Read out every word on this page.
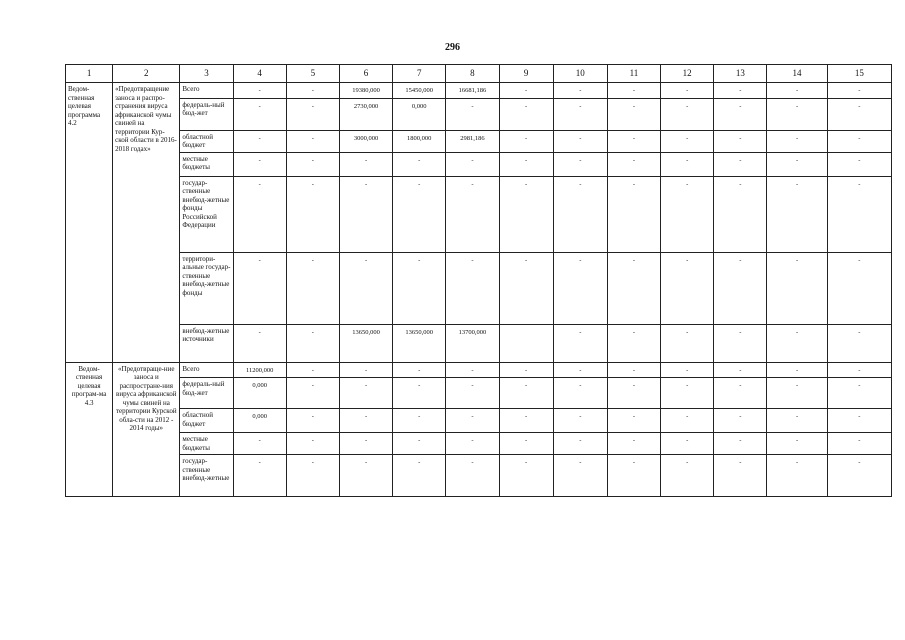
296
1	2	3	4	5	6	7	8	9	10	11	12	13	14	15
Ведом-ственная целевая программа 4.2	«Предотвращение заноса и распро-странения вируса африканской чумы свиней на территории Кур-ской области в 2016-2018 годах»	Всего	-	-	19380,000	15450,000	16681,186	-	-	-	-	-	-	-
		федераль-ный бюд-жет	-	-	2730,000	0,000	-	-	-	-	-	-	-	-
		областной бюджет	-	-	3000,000	1800,000	2981,186	-	-	-	-	-	-	-
		местные бюджеты	-	-	-	-	-	-	-	-	-	-	-	-
		государ-ственные внебюд-жетные фонды Российской Федерации	-	-	-	-	-	-	-	-	-	-	-	-
		территори-альные государ-ственные внебюд-жетные фонды	-	-	-	-	-	-	-	-	-	-	-	-
		внебюд-жетные источники	-	-	13650,000	13650,000	13700,000		-	-	-	-	-	-
Ведом-ственная целевая програм-ма 4.3	«Предотвраще-ние заноса и распростране-ния вируса африканской чумы свиней на территории Курской обла-сти на 2012 - 2014 годы»	Всего	11200,000	-	-	-	-	-	-	-	-	-	-	-
		федераль-ный бюд-жет	0,000	-	-	-	-	-	-	-	-	-	-	-
		областной бюджет	0,000	-	-	-	-	-	-	-	-	-	-	-
		местные бюджеты	-	-	-	-	-	-	-	-	-	-	-	-
		государ-ственные внебюд-жетные	-	-	-	-	-	-	-	-	-	-	-	-
